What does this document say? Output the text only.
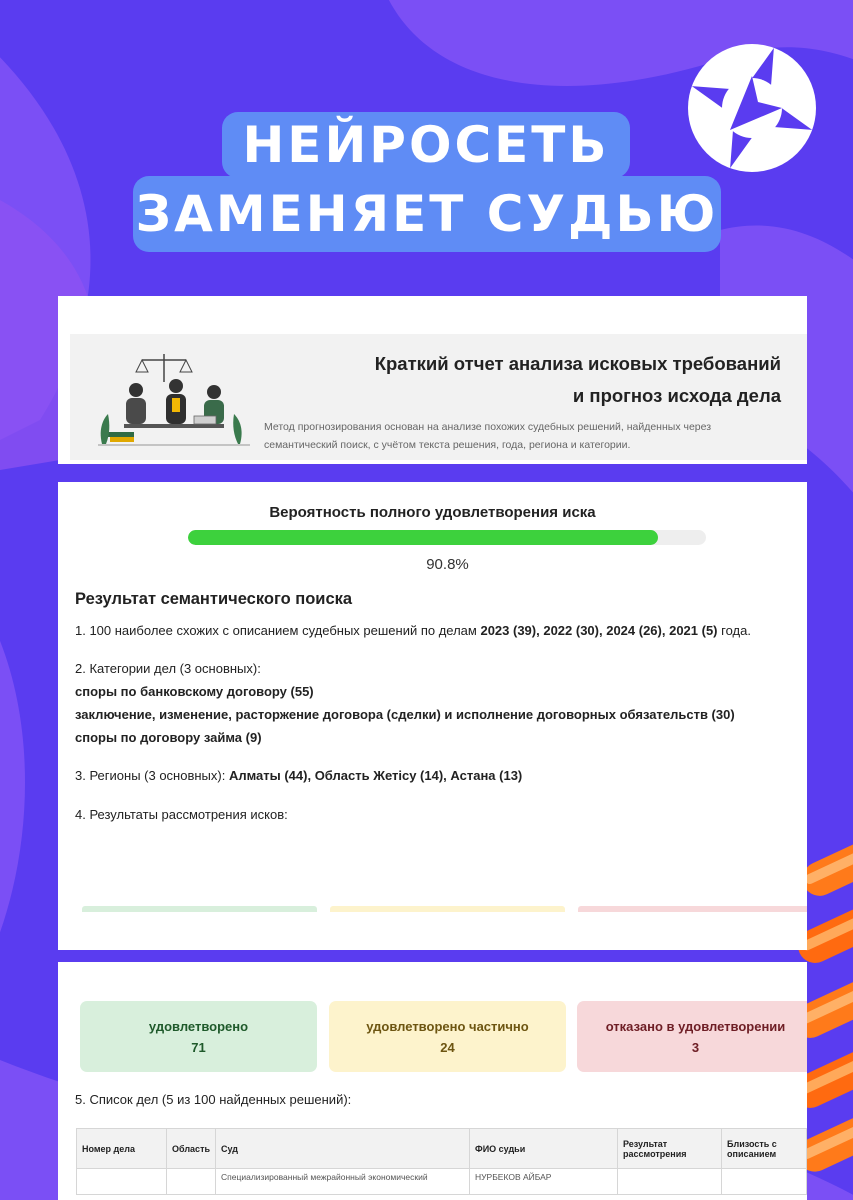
НЕЙРОСЕТЬ
ЗАМЕНЯЕТ СУДЬЮ
Краткий отчет анализа исковых требований
и прогноз исхода дела
Метод прогнозирования основан на анализе похожих судебных решений, найденных через
семантический поиск, с учётом текста решения, года, региона и категории.
Вероятность полного удовлетворения иска
90.8%
Результат семантического поиска
1. 100 наиболее схожих с описанием судебных решений по делам 2023 (39), 2022 (30), 2024 (26), 2021 (5) года.
2. Категории дел (3 основных):
споры по банковскому договору (55)
заключение, изменение, расторжение договора (сделки) и исполнение договорных обязательств (30)
споры по договору займа (9)
3. Регионы (3 основных): Алматы (44), Область Жетісу (14), Астана (13)
4. Результаты рассмотрения исков:
удовлетворено
71
удовлетворено частично
24
отказано в удовлетворении
3
5. Список дел (5 из 100 найденных решений):
Номер дела	Область	Суд	ФИО судьи	Результат рассмотрения	Близость с описанием
		Специализированный межрайонный экономический	НУРБЕКОВ АЙБАР		
